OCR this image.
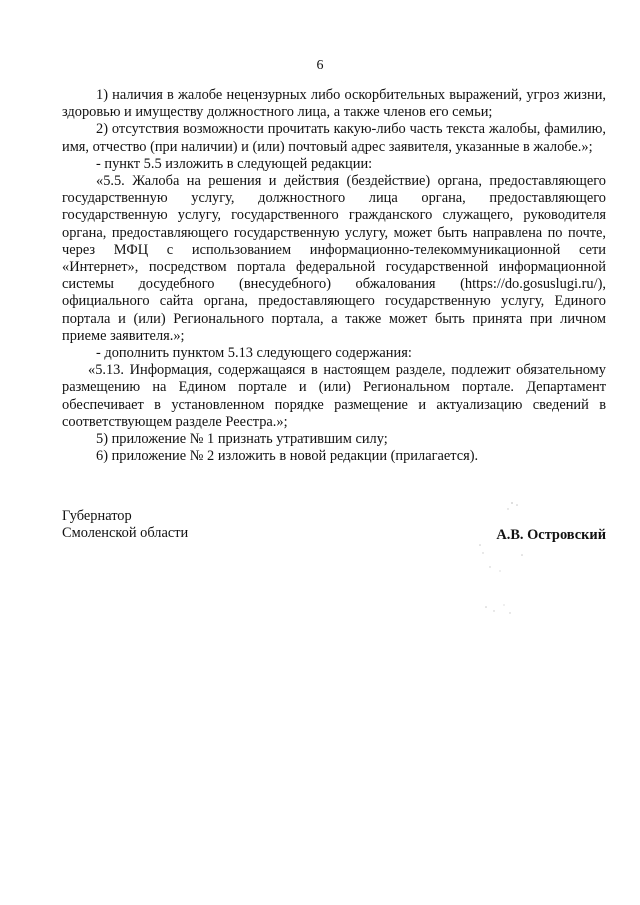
6

1) наличия в жалобе нецензурных либо оскорбительных выражений, угроз жизни, здоровью и имуществу должностного лица, а также членов его семьи;

2) отсутствия возможности прочитать какую-либо часть текста жалобы, фамилию, имя, отчество (при наличии) и (или) почтовый адрес заявителя, указанные в жалобе.»;

- пункт 5.5 изложить в следующей редакции:

«5.5. Жалоба на решения и действия (бездействие) органа, предоставляющего государственную услугу, должностного лица органа, предоставляющего государственную услугу, государственного гражданского служащего, руководителя органа, предоставляющего государственную услугу, может быть направлена по почте, через МФЦ с использованием информационно-телекоммуникационной сети «Интернет», посредством портала федеральной государственной информационной системы досудебного (внесудебного) обжалования (https://do.gosuslugi.ru/), официального сайта органа, предоставляющего государственную услугу, Единого портала и (или) Регионального портала, а также может быть принята при личном приеме заявителя.»;

- дополнить пунктом 5.13 следующего содержания:

«5.13. Информация, содержащаяся в настоящем разделе, подлежит обязательному размещению на Едином портале и (или) Региональном портале. Департамент обеспечивает в установленном порядке размещение и актуализацию сведений в соответствующем разделе Реестра.»;

5) приложение № 1 признать утратившим силу;

6) приложение № 2 изложить в новой редакции (прилагается).

Губернатор
Смоленской области	А.В. Островский
